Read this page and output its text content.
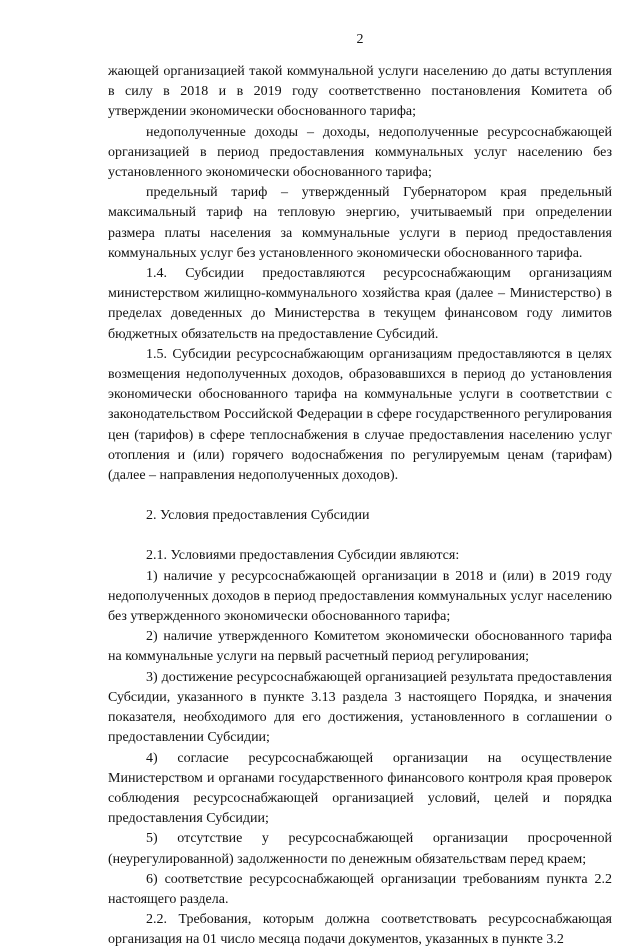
2

жающей организацией такой коммунальной услуги населению до даты вступления в силу в 2018 и в 2019 году соответственно постановления Комитета об утверждении экономически обоснованного тарифа;

недополученные доходы – доходы, недополученные ресурсоснабжающей организацией в период предоставления коммунальных услуг населению без установленного экономически обоснованного тарифа;

предельный тариф – утвержденный Губернатором края предельный максимальный тариф на тепловую энергию, учитываемый при определении размера платы населения за коммунальные услуги в период предоставления коммунальных услуг без установленного экономически обоснованного тарифа.

1.4. Субсидии предоставляются ресурсоснабжающим организациям министерством жилищно-коммунального хозяйства края (далее – Министерство) в пределах доведенных до Министерства в текущем финансовом году лимитов бюджетных обязательств на предоставление Субсидий.

1.5. Субсидии ресурсоснабжающим организациям предоставляются в целях возмещения недополученных доходов, образовавшихся в период до установления экономически обоснованного тарифа на коммунальные услуги в соответствии с законодательством Российской Федерации в сфере государственного регулирования цен (тарифов) в сфере теплоснабжения в случае предоставления населению услуг отопления и (или) горячего водоснабжения по регулируемым ценам (тарифам) (далее – направления недополученных доходов).

2. Условия предоставления Субсидии

2.1. Условиями предоставления Субсидии являются:

1) наличие у ресурсоснабжающей организации в 2018 и (или) в 2019 году недополученных доходов в период предоставления коммунальных услуг населению без утвержденного экономически обоснованного тарифа;

2) наличие утвержденного Комитетом экономически обоснованного тарифа на коммунальные услуги на первый расчетный период регулирования;

3) достижение ресурсоснабжающей организацией результата предоставления Субсидии, указанного в пункте 3.13 раздела 3 настоящего Порядка, и значения показателя, необходимого для его достижения, установленного в соглашении о предоставлении Субсидии;

4) согласие ресурсоснабжающей организации на осуществление Министерством и органами государственного финансового контроля края проверок соблюдения ресурсоснабжающей организацией условий, целей и порядка предоставления Субсидии;

5) отсутствие у ресурсоснабжающей организации просроченной (неурегулированной) задолженности по денежным обязательствам перед краем;

6) соответствие ресурсоснабжающей организации требованиям пункта 2.2 настоящего раздела.

2.2. Требования, которым должна соответствовать ресурсоснабжающая организация на 01 число месяца подачи документов, указанных в пункте 3.2
